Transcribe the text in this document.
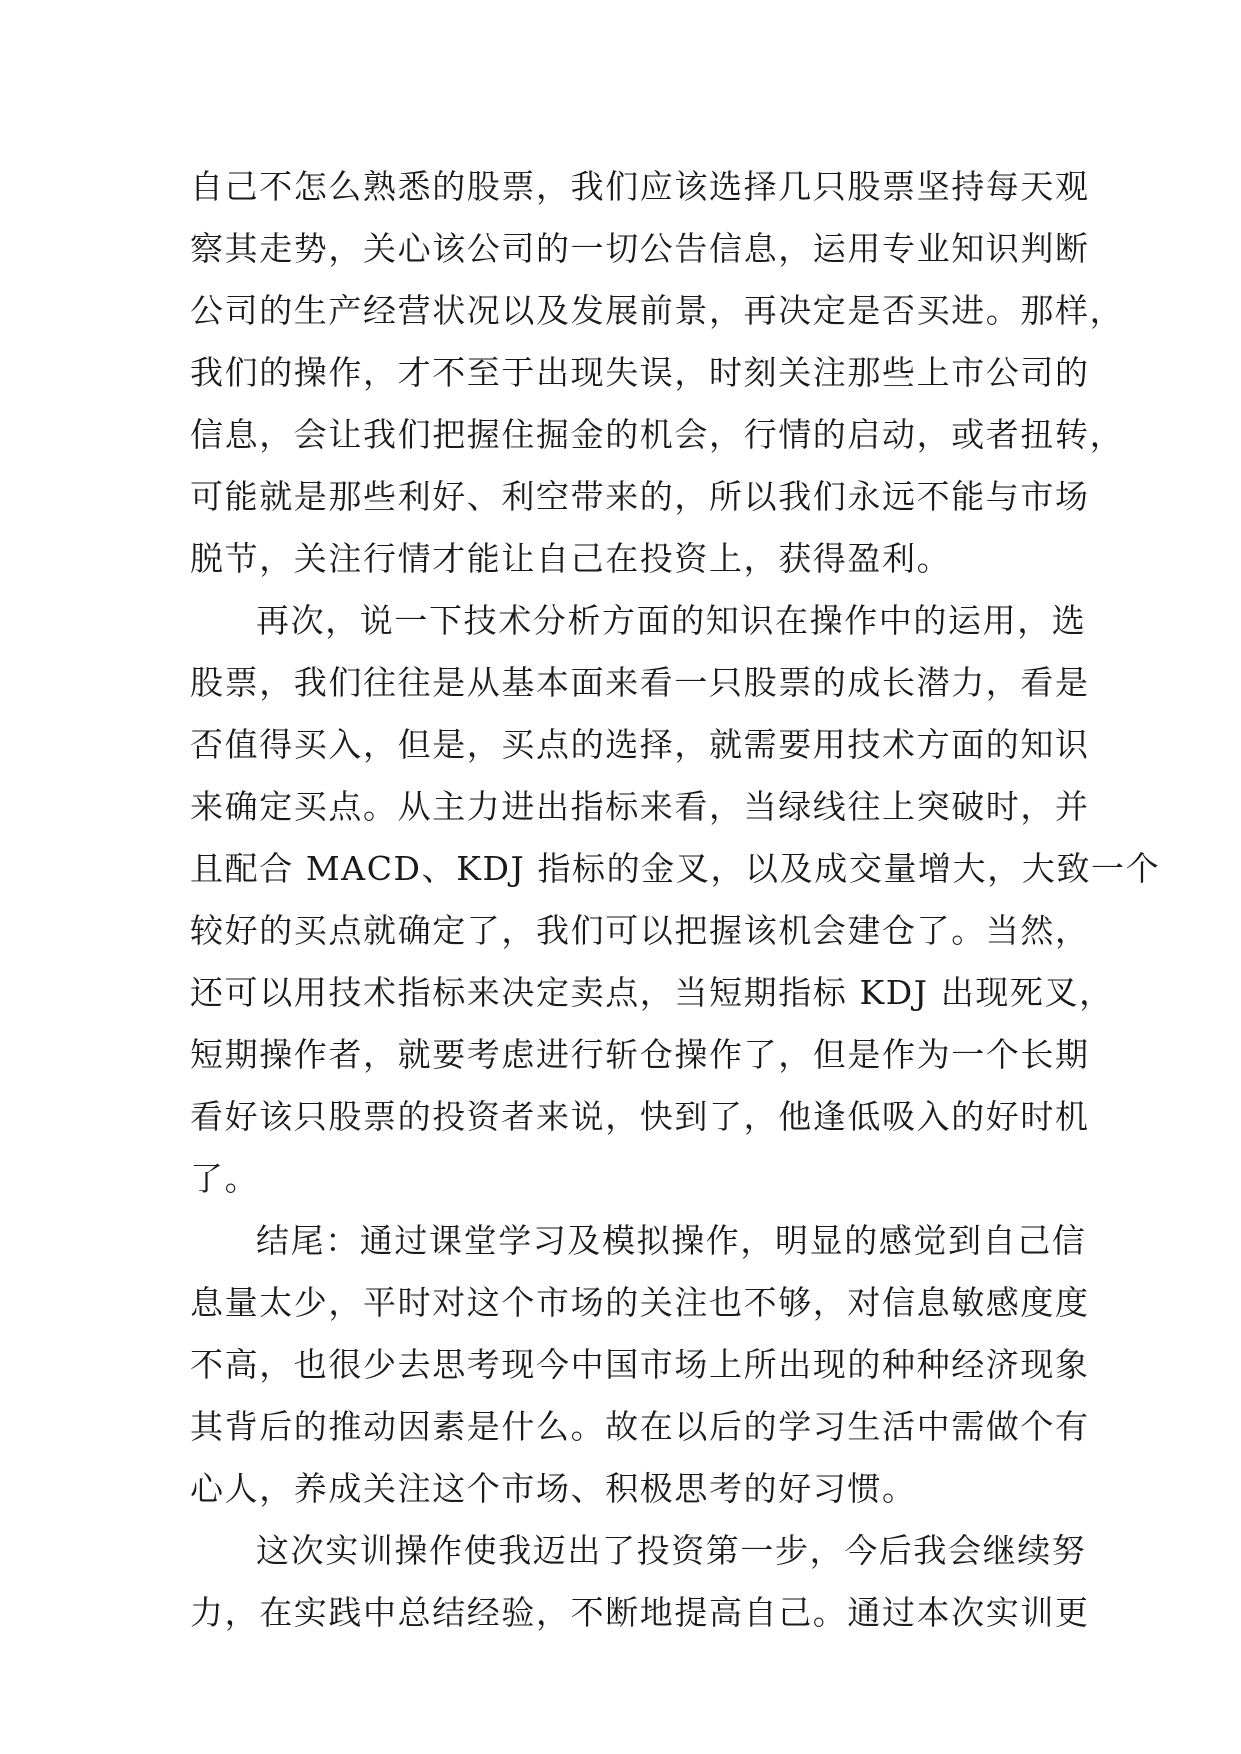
自己不怎么熟悉的股票，我们应该选择几只股票坚持每天观
察其走势，关心该公司的一切公告信息，运用专业知识判断
公司的生产经营状况以及发展前景，再决定是否买进。那样，
我们的操作，才不至于出现失误，时刻关注那些上市公司的
信息，会让我们把握住掘金的机会，行情的启动，或者扭转，
可能就是那些利好、利空带来的，所以我们永远不能与市场
脱节，关注行情才能让自己在投资上，获得盈利。
再次，说一下技术分析方面的知识在操作中的运用，选
股票，我们往往是从基本面来看一只股票的成长潜力，看是
否值得买入，但是，买点的选择，就需要用技术方面的知识
来确定买点。从主力进出指标来看，当绿线往上突破时，并
且配合 MACD、KDJ 指标的金叉，以及成交量增大，大致一个
较好的买点就确定了，我们可以把握该机会建仓了。当然，
还可以用技术指标来决定卖点，当短期指标 KDJ 出现死叉，
短期操作者，就要考虑进行斩仓操作了，但是作为一个长期
看好该只股票的投资者来说，快到了，他逢低吸入的好时机
了。
结尾：通过课堂学习及模拟操作，明显的感觉到自己信
息量太少，平时对这个市场的关注也不够，对信息敏感度度
不高，也很少去思考现今中国市场上所出现的种种经济现象
其背后的推动因素是什么。故在以后的学习生活中需做个有
心人，养成关注这个市场、积极思考的好习惯。
这次实训操作使我迈出了投资第一步，今后我会继续努
力，在实践中总结经验，不断地提高自己。通过本次实训更
